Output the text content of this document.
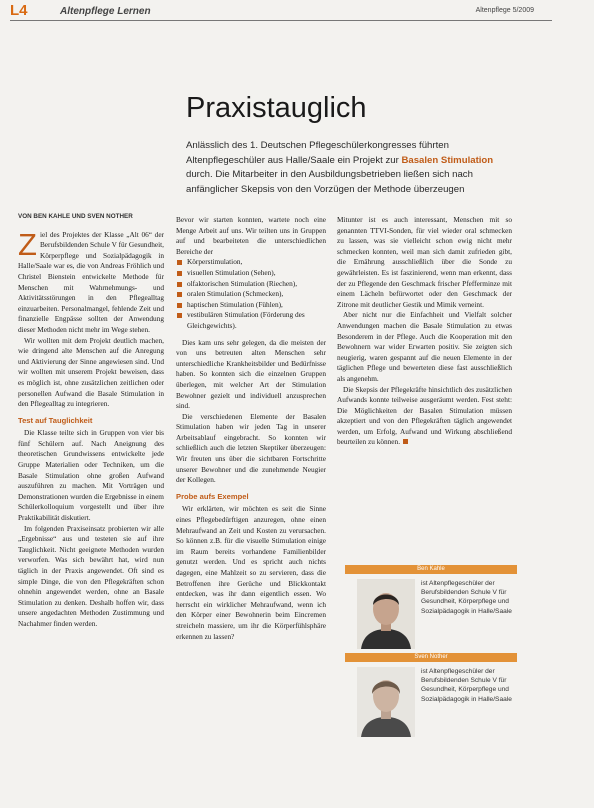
L4	Altenpflege Lernen	Altenpflege 5/2009
Praxistauglich
Anlässlich des 1. Deutschen Pflegeschülerkongresses führten Altenpflegeschüler aus Halle/Saale ein Projekt zur Basalen Stimulation durch. Die Mitarbeiter in den Ausbildungsbetrieben ließen sich nach anfänglicher Skepsis von den Vorzügen der Methode überzeugen
VON BEN KAHLE UND SVEN NOTHER

Ziel des Projektes der Klasse „Alt 06“ der Berufsbildenden Schule V für Gesundheit, Körperpflege und Sozialpädagogik in Halle/Saale war es, die von Andreas Fröhlich und Christel Bienstein entwickelte Methode für Menschen mit Wahrnehmungs- und Aktivitätsstörungen in den Pflegealltag einzuarbeiten. Personalmangel, fehlende Zeit und finanzielle Engpässe sollten der Anwendung dieser Methoden nicht mehr im Wege stehen.

Wir wollten mit dem Projekt deutlich machen, wie dringend alte Menschen auf die Anregung und Aktivierung der Sinne angewiesen sind. Und wir wollten mit unserem Projekt beweisen, dass es möglich ist, ohne zusätzlichen zeitlichen oder personellen Aufwand die Basale Stimulation in den Pflegealltag zu integrieren.

Test auf Tauglichkeit

Die Klasse teilte sich in Gruppen von vier bis fünf Schülern auf. Nach Aneignung des theoretischen Grundwissens entwickelte jede Gruppe Materialien oder Techniken, um die Basale Stimulation ohne großen Aufwand auszuführen zu machen. Mit Vorträgen und Demonstrationen wurden die Ergebnisse in einem Schülerkolloquium vorgestellt und über ihre Praktikabilität diskutiert.

Im folgenden Praxiseinsatz probierten wir alle „Ergebnisse“ aus und testeten sie auf ihre Tauglichkeit. Nicht geeignete Methoden wurden verworfen. Was sich bewährt hat, wird nun täglich in der Praxis angewendet. Oft sind es simple Dinge, die von den Pflegekräften schon ohnehin angewendet werden, ohne an Basale Stimulation zu denken. Deshalb hoffen wir, dass unsere angedachten Methoden Zustimmung und Nachahmer finden werden.

Bevor wir starten konnten, wartete noch eine Menge Arbeit auf uns. Wir teilten uns in Gruppen auf und bearbeiteten die unterschiedlichen Bereiche der

Körperstimulation,
visuellen Stimulation (Sehen),
olfaktorischen Stimulation (Riechen),
oralen Stimulation (Schmecken),
haptischen Stimulation (Fühlen),
vestibulären Stimulation (Förderung des Gleichgewichts).

Dies kam uns sehr gelegen, da die meisten der von uns betreuten alten Menschen sehr unterschiedliche Krankheitsbilder und Bedürfnisse haben. So konnten sich die einzelnen Gruppen überlegen, mit welcher Art der Stimulation Bewohner gezielt und individuell anzusprechen sind.

Die verschiedenen Elemente der Basalen Stimulation haben wir jeden Tag in unserer Arbeitsablauf eingebracht. So konnten wir schließlich auch die letzten Skeptiker überzeugen: Wir freuten uns über die sichtbaren Fortschritte unserer Bewohner und die zunehmende Neugier der Kollegen.

Probe aufs Exempel

Wir erklärten, wir möchten es seit die Sinne eines Pflegebedürftigen anzuregen, ohne einen Mehraufwand an Zeit und Kosten zu verursachen. So können z.B. für die visuelle Stimulation einige im Raum bereits vorhandene Familienbilder genutzt werden. Und es spricht auch nichts dagegen, eine Mahlzeit so zu servieren, dass die Betroffenen ihre Gerüche und Blickkontakt entdecken, was ihr dann eigentlich essen. Wo herrscht ein wirklicher Mehraufwand, wenn ich den Körper einer Bewohnerin beim Eincremen streicheln massiere, um ihr die Körperfühlsphäre erkennen zu lassen?

Mitunter ist es auch interessant, Menschen mit so genannten TTVI-Sonden, für viel wieder oral schmecken zu lassen, was sie vielleicht schon ewig nicht mehr schmecken konnten, weil man sich damit zufrieden gibt, die Ernährung ausschließlich über die Sonde zu gewährleisten. Es ist faszinierend, wenn man erkennt, dass der zu Pflegende den Geschmack frischer Pfefferminze mit einem Lächeln befürwortet oder den Geschmack der Zitrone mit deutlicher Gestik und Mimik verneint.

Aber nicht nur die Einfachheit und Vielfalt solcher Anwendungen machen die Basale Stimulation zu etwas Besonderem in der Pflege. Auch die Kooperation mit den Bewohnern war wider Erwarten positiv. Sie zeigten sich neugierig, waren gespannt auf die neuen Elemente in der täglichen Pflege und bewerteten diese fast ausschließlich als angenehm.

Die Skepsis der Pflegekräfte hinsichtlich des zusätzlichen Aufwands konnte teilweise ausgeräumt werden. Fest steht: Die Möglichkeiten der Basalen Stimulation müssen akzeptiert und von den Pflegekräften täglich angewendet werden, um Erfolg, Aufwand und Wirkung abschließend beurteilen zu können.

Ben Kahle
ist Altenpflegeschüler der Berufsbildenden Schule V für Gesundheit, Körperpflege und Sozialpädagogik in Halle/Saale
Sven Nother
ist Altenpflegeschüler der Berufsbildenden Schule V für Gesundheit, Körperpflege und Sozialpädagogik in Halle/Saale
